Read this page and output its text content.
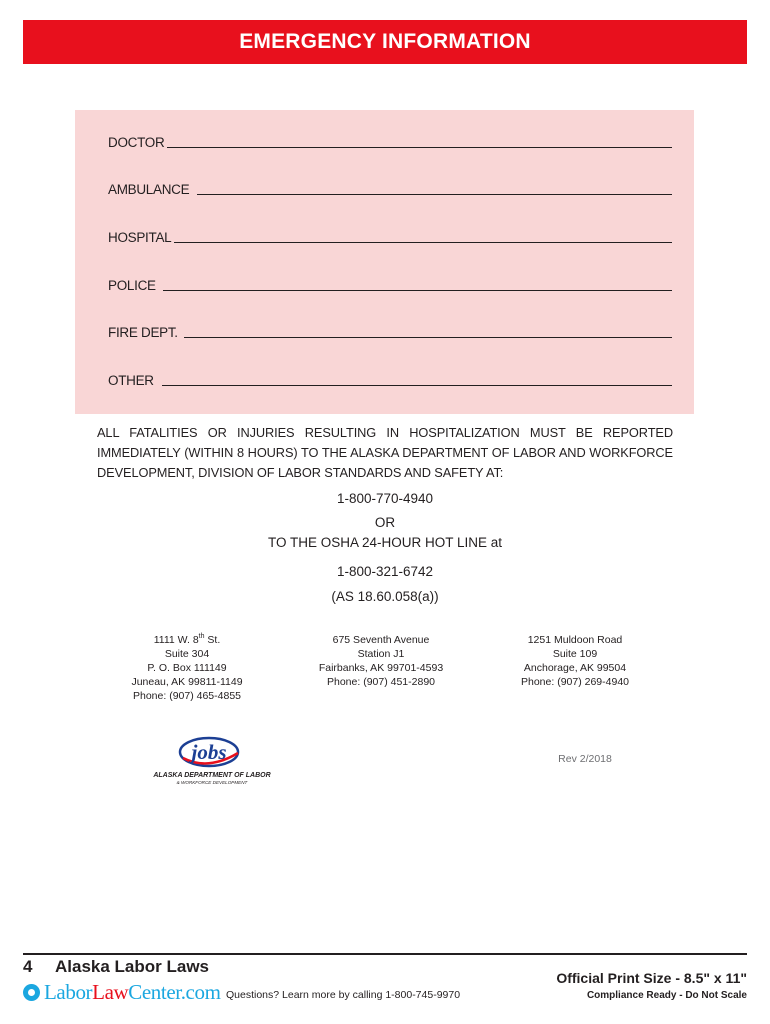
EMERGENCY INFORMATION
DOCTOR
AMBULANCE
HOSPITAL
POLICE
FIRE DEPT.
OTHER
ALL FATALITIES OR INJURIES RESULTING IN HOSPITALIZATION MUST BE REPORTED IMMEDIATELY (WITHIN 8 HOURS) TO THE ALASKA DEPARTMENT OF LABOR AND WORKFORCE DEVELOPMENT, DIVISION OF LABOR STANDARDS AND SAFETY AT:
1-800-770-4940
OR
TO THE OSHA 24-HOUR HOT LINE at
1-800-321-6742
(AS 18.60.058(a))
1111 W. 8th St.
Suite 304
P. O. Box 111149
Juneau, AK 99811-1149
Phone: (907) 465-4855
675 Seventh Avenue
Station J1
Fairbanks, AK 99701-4593
Phone: (907) 451-2890
1251 Muldoon Road
Suite 109
Anchorage, AK 99504
Phone: (907) 269-4940
jobs
ALASKA DEPARTMENT OF LABOR
& WORKFORCE DEVELOPMENT
Rev 2/2018
4 Alaska Labor Laws
LaborLawCenter.com Questions? Learn more by calling 1-800-745-9970
Official Print Size - 8.5" x 11"
Compliance Ready - Do Not Scale
